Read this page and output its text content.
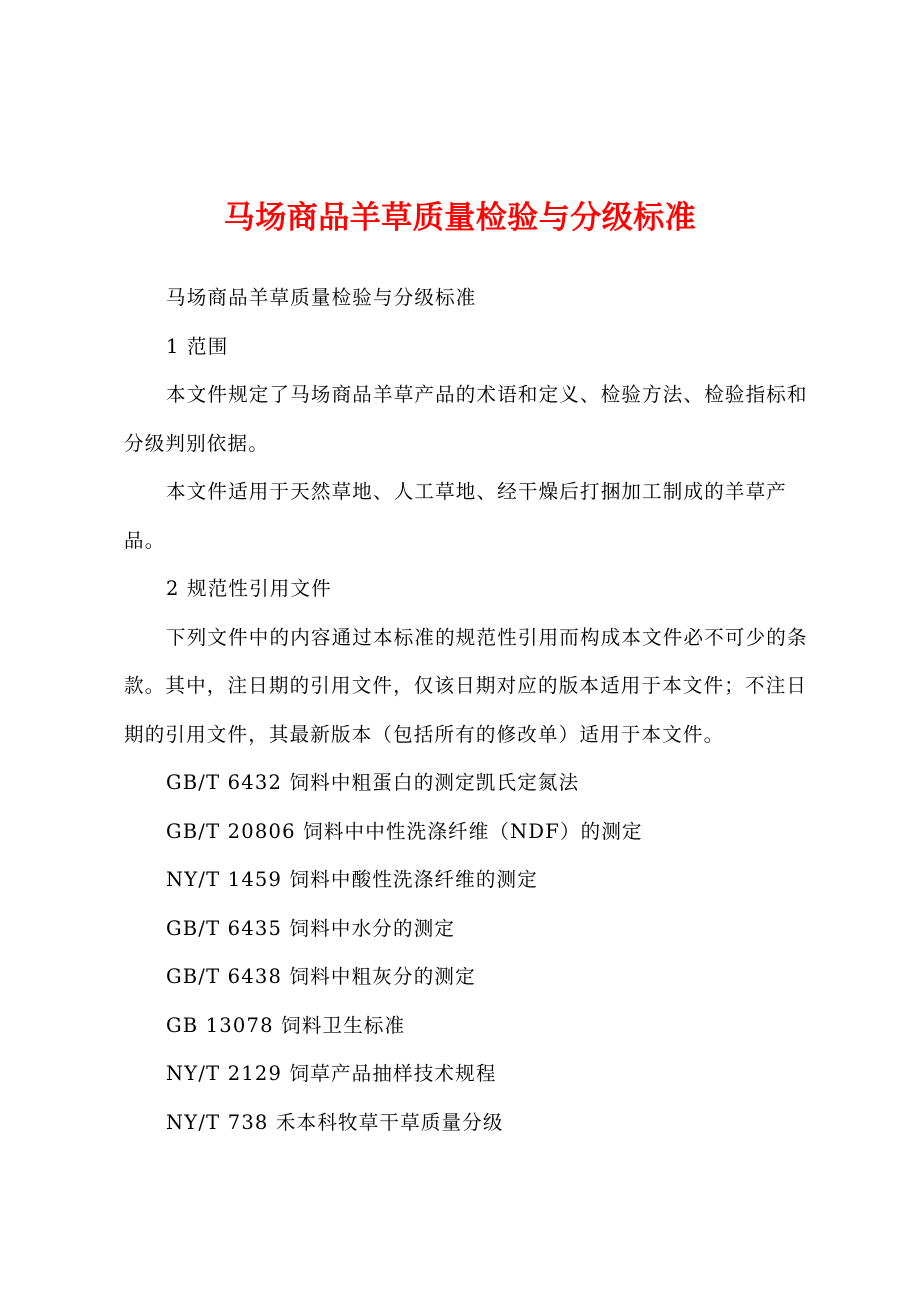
马场商品羊草质量检验与分级标准

马场商品羊草质量检验与分级标准

1 范围

本文件规定了马场商品羊草产品的术语和定义、检验方法、检验指标和分级判别依据。

本文件适用于天然草地、人工草地、经干燥后打捆加工制成的羊草产品。

2 规范性引用文件

下列文件中的内容通过本标准的规范性引用而构成本文件必不可少的条款。其中，注日期的引用文件，仅该日期对应的版本适用于本文件；不注日期的引用文件，其最新版本（包括所有的修改单）适用于本文件。

GB/T 6432 饲料中粗蛋白的测定凯氏定氮法
GB/T 20806 饲料中中性洗涤纤维（NDF）的测定
NY/T 1459 饲料中酸性洗涤纤维的测定
GB/T 6435 饲料中水分的测定
GB/T 6438 饲料中粗灰分的测定
GB 13078 饲料卫生标准
NY/T 2129 饲草产品抽样技术规程
NY/T 738 禾本科牧草干草质量分级
